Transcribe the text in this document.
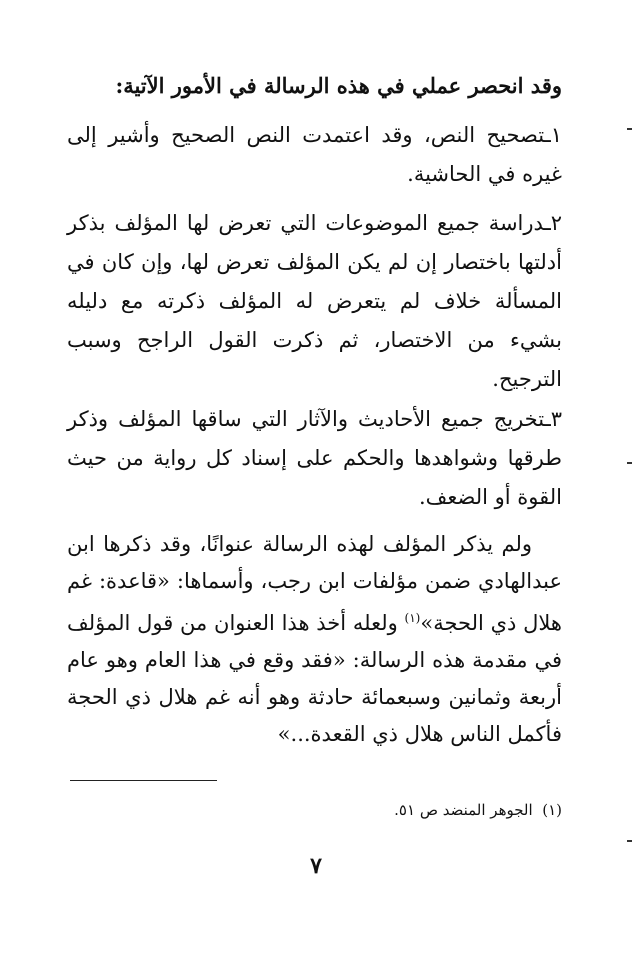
وقد انحصر عملي في هذه الرسالة في الأمور الآتية:
١ـتصحيح النص، وقد اعتمدت النص الصحيح وأشير إلى غيره في الحاشية.
٢ـدراسة جميع الموضوعات التي تعرض لها المؤلف بذكر أدلتها باختصار إن لم يكن المؤلف تعرض لها، وإن كان في المسألة خلاف لم يتعرض له المؤلف ذكرته مع دليله بشيء من الاختصار، ثم ذكرت القول الراجح وسبب الترجيح.
٣ـتخريج جميع الأحاديث والآثار التي ساقها المؤلف وذكر طرقها وشواهدها والحكم على إسناد كل رواية من حيث القوة أو الضعف.
ولم يذكر المؤلف لهذه الرسالة عنوانًا، وقد ذكرها ابن عبدالهادي ضمن مؤلفات ابن رجب، وأسماها: «قاعدة: غم هلال ذي الحجة»$^{(١)}$ ولعله أخذ هذا العنوان من قول المؤلف في مقدمة هذه الرسالة: «فقد وقع في هذا العام وهو عام أربعة وثمانين وسبعمائة حادثة وهو أنه غم هلال ذي الحجة فأكمل الناس هلال ذي القعدة...»
(١)  الجوهر المنضد ص ٥١.
٧
